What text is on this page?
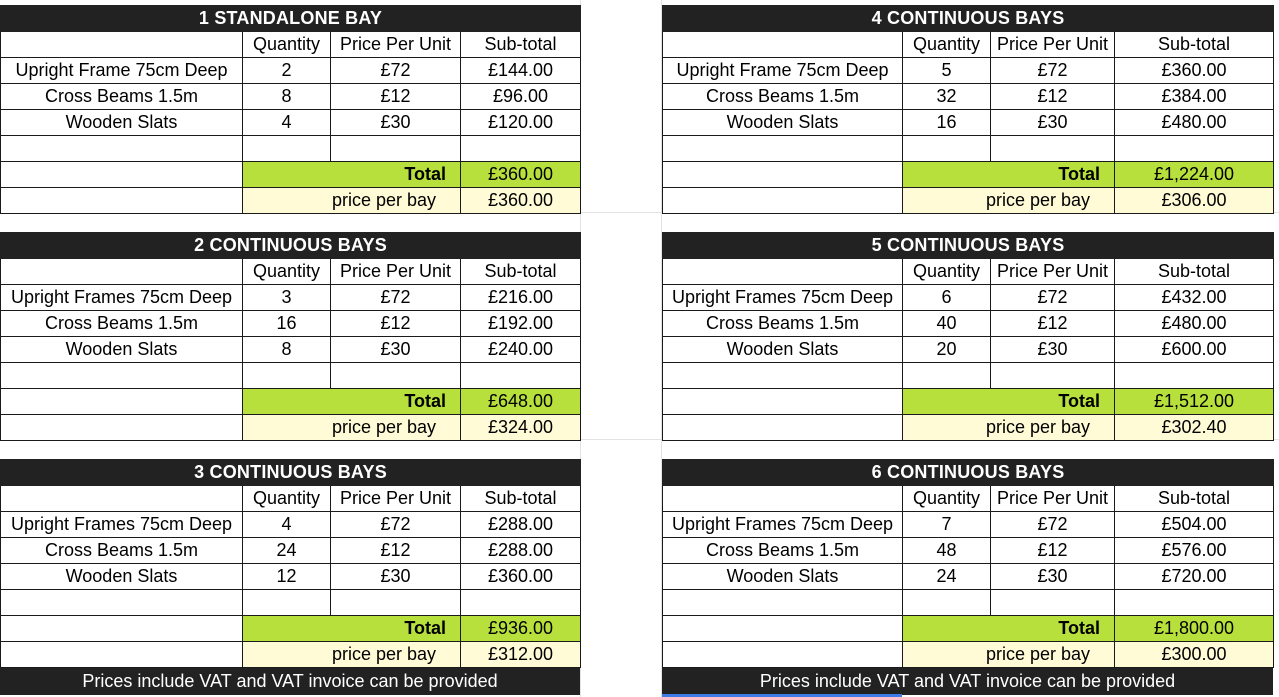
1 STANDALONE BAY			
	Quantity	Price Per Unit	Sub-total
Upright Frame 75cm Deep	2	£72	£144.00
Cross Beams 1.5m	8	£12	£96.00
Wooden Slats	4	£30	£120.00

	Total		£360.00
	price per bay		£360.00
4 CONTINUOUS BAYS			
	Quantity	Price Per Unit	Sub-total
Upright Frame 75cm Deep	5	£72	£360.00
Cross Beams 1.5m	32	£12	£384.00
Wooden Slats	16	£30	£480.00

	Total		£1,224.00
	price per bay		£306.00
2 CONTINUOUS BAYS			
	Quantity	Price Per Unit	Sub-total
Upright Frames 75cm Deep	3	£72	£216.00
Cross Beams 1.5m	16	£12	£192.00
Wooden Slats	8	£30	£240.00

	Total		£648.00
	price per bay		£324.00
5 CONTINUOUS BAYS			
	Quantity	Price Per Unit	Sub-total
Upright Frames 75cm Deep	6	£72	£432.00
Cross Beams 1.5m	40	£12	£480.00
Wooden Slats	20	£30	£600.00

	Total		£1,512.00
	price per bay		£302.40
3 CONTINUOUS BAYS			
	Quantity	Price Per Unit	Sub-total
Upright Frames 75cm Deep	4	£72	£288.00
Cross Beams 1.5m	24	£12	£288.00
Wooden Slats	12	£30	£360.00

	Total		£936.00
	price per bay		£312.00
6 CONTINUOUS BAYS			
	Quantity	Price Per Unit	Sub-total
Upright Frames 75cm Deep	7	£72	£504.00
Cross Beams 1.5m	48	£12	£576.00
Wooden Slats	24	£30	£720.00

	Total		£1,800.00
	price per bay		£300.00
Prices include VAT and VAT invoice can be provided	Prices include VAT and VAT invoice can be provided
